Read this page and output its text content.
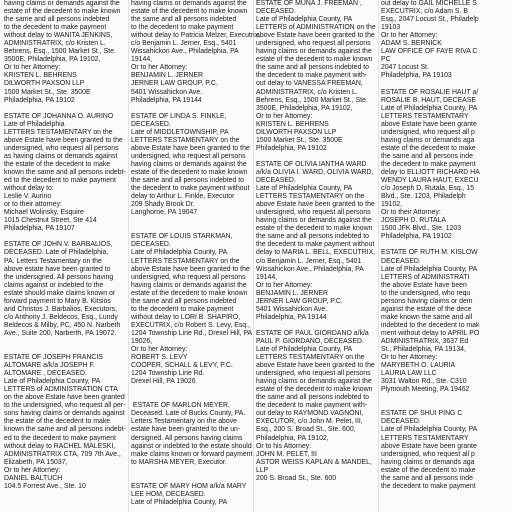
having claims or demands against the

estate of the decedent to make known

the same and all persons indebted

to the decedent to make payment

without delay to WANITA JENKINS,

ADMINISTRATRIX, c/o Kristen L.

Behrens, Esq., 1500 Market St., Ste.

3500E, Philadelphia, PA 19102,

Or to her Attorney:

KRISTEN L. BEHRENS

DILWORTH PAXSON LLP

1500 Market St., Ste. 3500E

Philadelphia, PA 19102

ESTATE OF JOHANNA O. AURINO

Late of Philadelphia

LETTERS TESTAMENTARY on the

above Estate have been granted to the

undersigned, who request all persons

as having claims or demands against

the estate of the decedent to make

known the same and all persons indebt-

ed to the decedent to make payment

without delay to:

Leslie V. Aurino

or to their attorney:

Michael Wolinsky, Esquire

1015 Chestnut Street, Ste 414

Philadelphia, PA 19107

ESTATE OF JOHN V. BARBALIOS,

DECEASED. Late of Philadelphia,

PA. Letters Testamentary on the

above estate have been granted to

the undersigned. All persons having

claims against or indebted to the

estate should make claims known or

forward payment to Mary B. Kitsios

and Christos J. Barbalios, Executors,

c/o Anthony J. Beldecos, Esq., Lundy

Beldecos & Milby, PC, 450 N. Narbeth

Ave., Suite 200, Narberth, PA 19072.

ESTATE OF JOSEPH FRANCIS

ALTOMARE a/k/a JOSEPH F.

ALTOMARE , DECEASED.

Late of Philadelphia County, PA

LETTERS of ADMINISTRATION CTA

on the above Estate have been granted

to the undersigned, who request all per-

sons having claims or demands against

the estate of the decedent to make

known the same and all persons indebt-

ed to the decedent to make payment

without delay to RACHEL MALESKI,

ADMINISTRATRIX CTA, 709 7th Ave.,

Elizabeth, PA 15037,

Or to her Attorney:

DANIEL BALTUCH

104.5 Forrest Ave., Ste. 10

having claims or demands against the

estate of the decedent to make known

the same and all persons indebted

to the decedent to make payment

without delay to Patricia Melzer, Executrix,

c/o Benjamin L. Jerner, Esq., 5401

Wissahickon Ave., Philadelphia, PA

19144,

Or to her Attorney:

BENJAMIN L. JERNER

JERNER LAW GROUP, P.C.

5401 Wissahickon Ave.

Philadelphia, PA 19144

ESTATE OF LINDA S. FINKLE,

DECEASED.

Late of MIDDLETOWNSHIP, PA

LETTERS TESTAMENTARY on the

above Estate have been granted to the

undersigned, who request all persons

having claims or demands against the

estate of the decedent to make known

the same and all persons indebted to

the decedent to make payment without

delay to Arthur L. Finkle, Executor

209 Shady Brook Dr.

Langhorne, PA 19047

ESTATE OF LOUIS STARKMAN,

DECEASED.

Late of Philadelphia County, PA

LETTERS TESTAMENTARY on the

above Estate have been granted to the

undersigned, who request all persons

having claims or demands against the

estate of the decedent to make known

the same and all persons indebted

to the decedent to make payment

without delay to LORI B. SHAPIRO,

EXECUTRIX, c/o Robert S. Levy, Esq.,

1204 Township Line Rd., Drexel Hill, PA

19026,

Or to her Attorney:

ROBERT S. LEVY

COOPER, SCHALL & LEVY, P.C.

1204 Township Line Rd.

Drexel Hill, PA 19026

ESTATE OF MARLON MEYER,

Deceased. Late of Bucks County, PA.

Letters Testamentary on the above

estate have been granted to the un-

dersigned. All persons having claims

against or indebted to the estate should

make claims known or forward payment

to MARSHA MEYER, Executor.

ESTATE OF MARY HOM a/k/a MARY

LEE HOM, DECEASED.

Late of Philadelphia County, PA

ESTATE OF MUNA J. FREEMAN ,

DECEASED.

Late of Philadelphia County, PA

LETTERS of ADMINISTRATION on the

above Estate have been granted to the

undersigned, who request all persons

having claims or demands against the

estate of the decedent to make known

the same and all persons indebted to

the decedent to make payment with-

out delay to VANESSA FREEMAN,

ADMINISTRATRIX, c/o Kristen L.

Behrens, Esq., 1500 Market St., Ste.

3500E, Philadelphia, PA 19102,

Or to her Attorney:

KRISTEN L. BEHRENS

DILWORTH PAXSON LLP

1500 Market St., Ste. 3500E

Philadelphia, PA 19102

ESTATE OF OLIVIA IANTHA WARD

a/k/a OLIVIA I. WARD, OLIVIA WARD,

DECEASED.

Late of Philadelphia County, PA

LETTERS TESTAMENTARY on the

above Estate have been granted to the

undersigned, who request all persons

having claims or demands against the

estate of the decedent to make known

the same and all persons indebted to

the decedent to make payment without

delay to MARIA L. BELL, EXECUTRIX,

c/o Benjamin L. Jerner, Esq., 5401

Wissahickon Ave., Philadelphia, PA

19144,

Or to her Attorney:

BENJAMIN L. JERNER

JERNER LAW GROUP, P.C.

5401 Wissahickon Ave.

Philadelphia, PA 19144

ESTATE OF PAUL GIORDANO a/k/a

PAUL P. GIORDANO, DECEASED.

Late of Philadelphia County, PA

LETTERS TESTAMENTARY on the

above Estate have been granted to the

undersigned, who request all persons

having claims or demands against the

estate of the decedent to make known

the same and all persons indebted to

the decedent to make payment with-

out delay to RAYMOND VAGNONI,

EXECUTOR, c/o John M. Pelet, III,

Esq., 200 S. Broad St., Ste. 600,

Philadelphia, PA 19102,

Or to his Attorney:

JOHN M. PELET, III

ASTOR WEISS KAPLAN & MANDEL,

LLP

200 S. Broad St., Ste. 600

out delay to GAIL MICHELLE S

EXECUTRIX, c/o Adam S. B

Esq., 2047 Locust St., Philadelp

19103

Or to her Attorney:

ADAM S. BERNICK

LAW OFFICE OF FAYE RIVA C

PC

2047 Locust St.

Philadelphia, PA 19103

ESTATE OF ROSALIE HAUT a/

ROSALIE B. HAUT, DECEASE

Late of Philadelphia County, PA

LETTERS TESTAMENTARY

above Estate have been grante

undersigned, who request all p

having claims or demands aga

estate of the decedent to make

the same and all persons inde

the decedent to make payment

delay to ELLIOTT RICHARD HA

WENDY LAURA HAUT, EXECU

c/o Joseph D. Rutala, Esq., 15

Blvd., Ste. 1203, Philadelph

19102,

Or to their Attorney:

JOSEPH D. RUTALA

1500 JFK Blvd., Ste. 1203

Philadelphia, PA 19102

ESTATE OF RUTH M. KISLOW

DECEASED.

Late of Philadelphia County, PA

LETTERS of ADMINISTRATI

the above Estate have been

to the undersigned, who requ

persons having claims or dem

against the estate of the dece

make known the same and all

indebted to the decedent to mak

ment without delay to APRIL PO

ADMINISTRATRIX, 3637 Ed

St., Philadelphia, PA 19134,

Or to her Attorney:

MARYBETH O. LAURIA

LAURIA LAW LLC

3031 Walton Rd., Ste. C310

Plymouth Meeting, PA 19462

ESTATE OF SHUI PING C

DECEASED.

Late of Philadelphia County, PA

LETTERS TESTAMENTARY

above Estate have been grante

undersigned, who request all p

having claims or demands aga

estate of the decedent to make

the same and all persons inde

the decedent to make payment
